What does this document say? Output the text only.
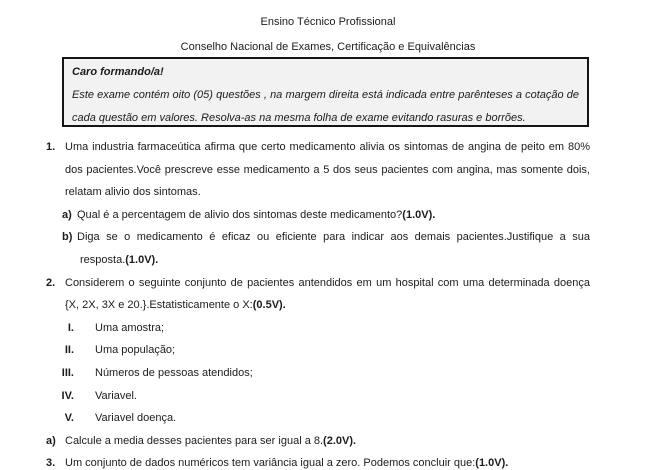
Ensino Técnico Profissional
Conselho Nacional de Exames, Certificação e Equivalências
Caro formando/a!
Este exame contém oito (05) questões , na margem direita está indicada entre parênteses a cotação de cada questão em valores. Resolva-as na mesma folha de exame evitando rasuras e borrões.
1. Uma industria farmaceútica afirma que certo medicamento alivia os sintomas de angina de peito em 80% dos pacientes.Você prescreve esse medicamento a 5 dos seus pacientes com angina, mas somente dois, relatam alivio dos sintomas.
a) Qual é a percentagem de alivio dos sintomas deste medicamento?(1.0V).
b) Diga se o medicamento é eficaz ou eficiente para indicar aos demais pacientes.Justifique a sua resposta.(1.0V).
2. Considerem o seguinte conjunto de pacientes antendidos em um hospital com uma determinada doença {X, 2X, 3X e 20.}.Estatisticamente o X:(0.5V).
I. Uma amostra;
II. Uma população;
III. Números de pessoas atendidos;
IV. Variavel.
V. Variavel doença.
a) Calcule a media desses pacientes para ser igual a 8.(2.0V).
3. Um conjunto de dados numéricos tem variância igual a zero. Podemos concluir que:(1.0V).
